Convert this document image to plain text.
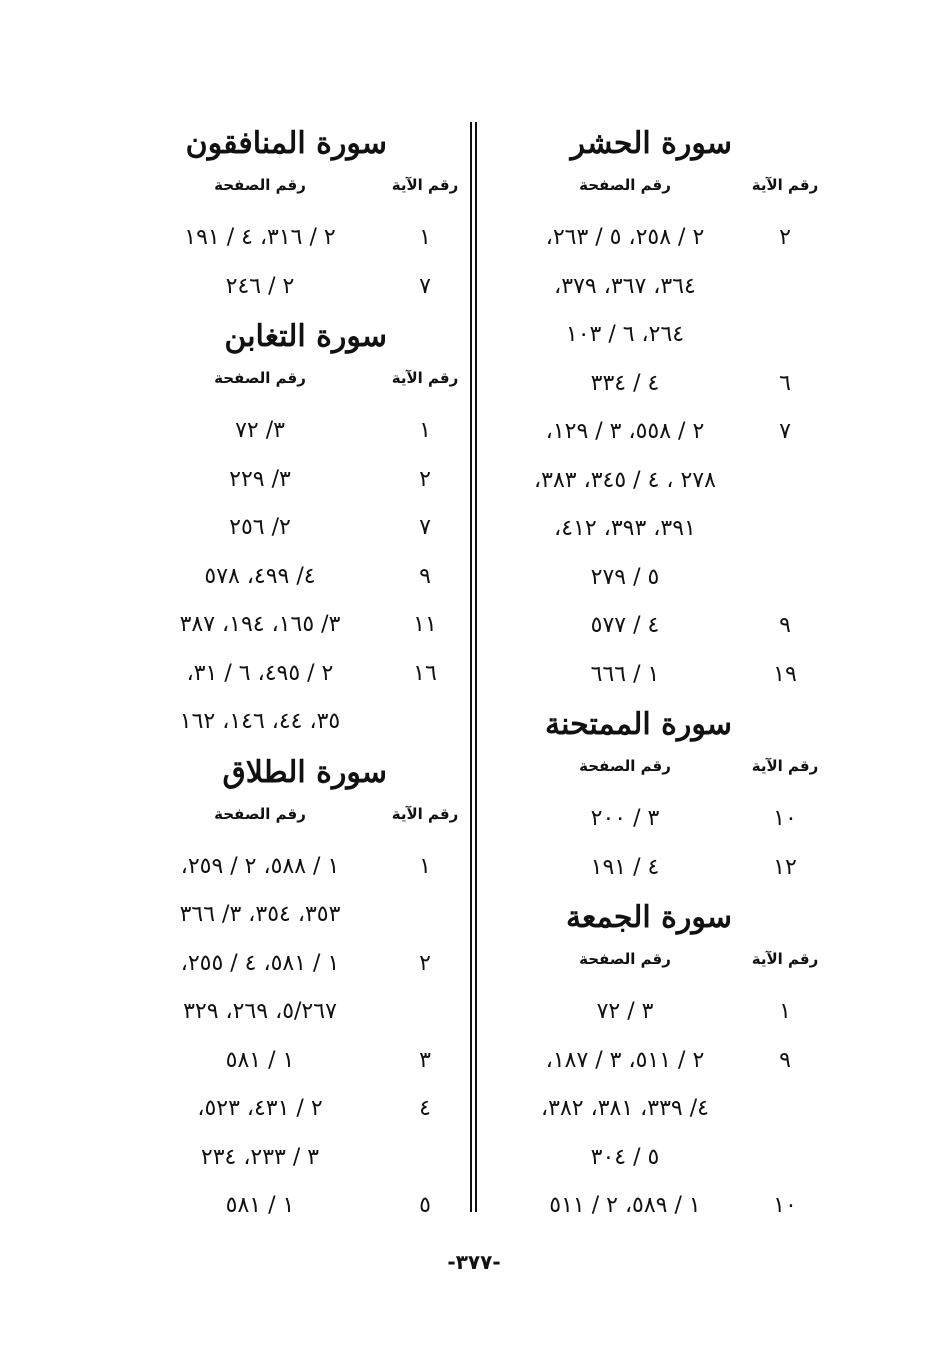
سورة الحشر
رقم الآية
رقم الصفحة
٢
٢ / ٢٥٨، ٥ / ٢٦٣،
٣٦٤، ٣٦٧، ٣٧٩،
٢٦٤، ٦ / ١٠٣
٦
٤ / ٣٣٤
٧
٢ / ٥٥٨، ٣ / ١٢٩،
٢٧٨ ، ٤ / ٣٤٥، ٣٨٣،
٣٩١، ٣٩٣، ٤١٢،
٥ / ٢٧٩
٩
٤ / ٥٧٧
١٩
١ / ٦٦٦
سورة الممتحنة
رقم الآية
رقم الصفحة
١٠
٣ / ٢٠٠
١٢
٤ / ١٩١
سورة الجمعة
رقم الآية
رقم الصفحة
١
٣ / ٧٢
٩
٢ / ٥١١، ٣ / ١٨٧،
٤/ ٣٣٩، ٣٨١، ٣٨٢،
٥ / ٣٠٤
١٠
١ / ٥٨٩، ٢ / ٥١١
سورة المنافقون
رقم الآية
رقم الصفحة
١
٢ / ٣١٦، ٤ / ١٩١
٧
٢ / ٢٤٦
سورة التغابن
رقم الآية
رقم الصفحة
١
٣/ ٧٢
٢
٣/ ٢٢٩
٧
٢/ ٢٥٦
٩
٤/ ٤٩٩، ٥٧٨
١١
٣/ ١٦٥، ١٩٤، ٣٨٧
١٦
٢ / ٤٩٥، ٦ / ٣١،
٣٥، ٤٤، ١٤٦، ١٦٢
سورة الطلاق
رقم الآية
رقم الصفحة
١
١ / ٥٨٨، ٢ / ٢٥٩،
٣٥٣، ٣٥٤، ٣/ ٣٦٦
٢
١ / ٥٨١، ٤ / ٢٥٥،
٥/٢٦٧، ٢٦٩، ٣٢٩
٣
١ / ٥٨١
٤
٢ / ٤٣١، ٥٢٣،
٣ / ٢٣٣، ٢٣٤
٥
١ / ٥٨١
-٣٧٧-
